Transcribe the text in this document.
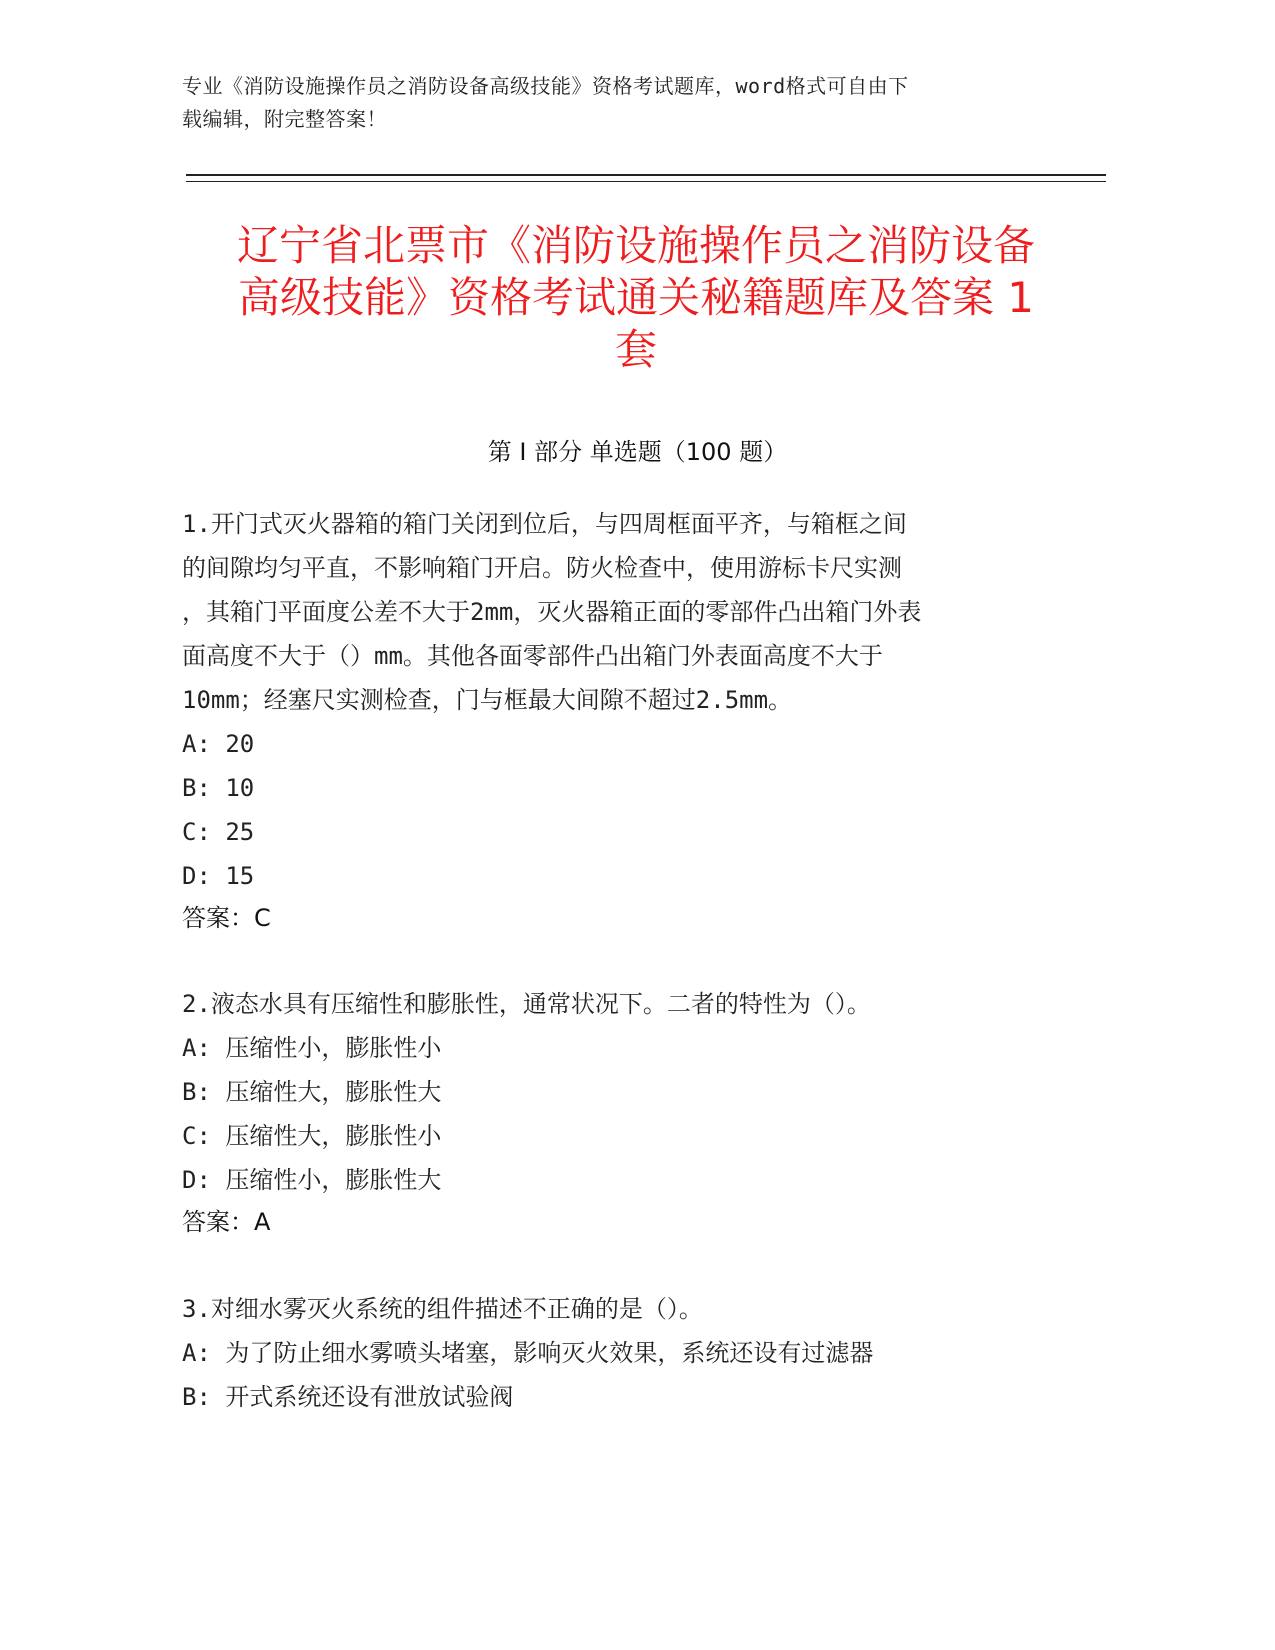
专业《消防设施操作员之消防设备高级技能》资格考试题库，word格式可自由下
载编辑，附完整答案！
辽宁省北票市《消防设施操作员之消防设备
高级技能》资格考试通关秘籍题库及答案 1
套
第 I 部分 单选题（100 题）
1.开门式灭火器箱的箱门关闭到位后，与四周框面平齐，与箱框之间
的间隙均匀平直，不影响箱门开启。防火检查中，使用游标卡尺实测
，其箱门平面度公差不大于2mm，灭火器箱正面的零部件凸出箱门外表
面高度不大于（）mm。其他各面零部件凸出箱门外表面高度不大于
10mm；经塞尺实测检查，门与框最大间隙不超过2.5mm。
A: 20
B: 10
C: 25
D: 15
答案：C
2.液态水具有压缩性和膨胀性，通常状况下。二者的特性为（）。
A: 压缩性小，膨胀性小
B: 压缩性大，膨胀性大
C: 压缩性大，膨胀性小
D: 压缩性小，膨胀性大
答案：A
3.对细水雾灭火系统的组件描述不正确的是（）。
A: 为了防止细水雾喷头堵塞，影响灭火效果，系统还设有过滤器
B: 开式系统还设有泄放试验阀
